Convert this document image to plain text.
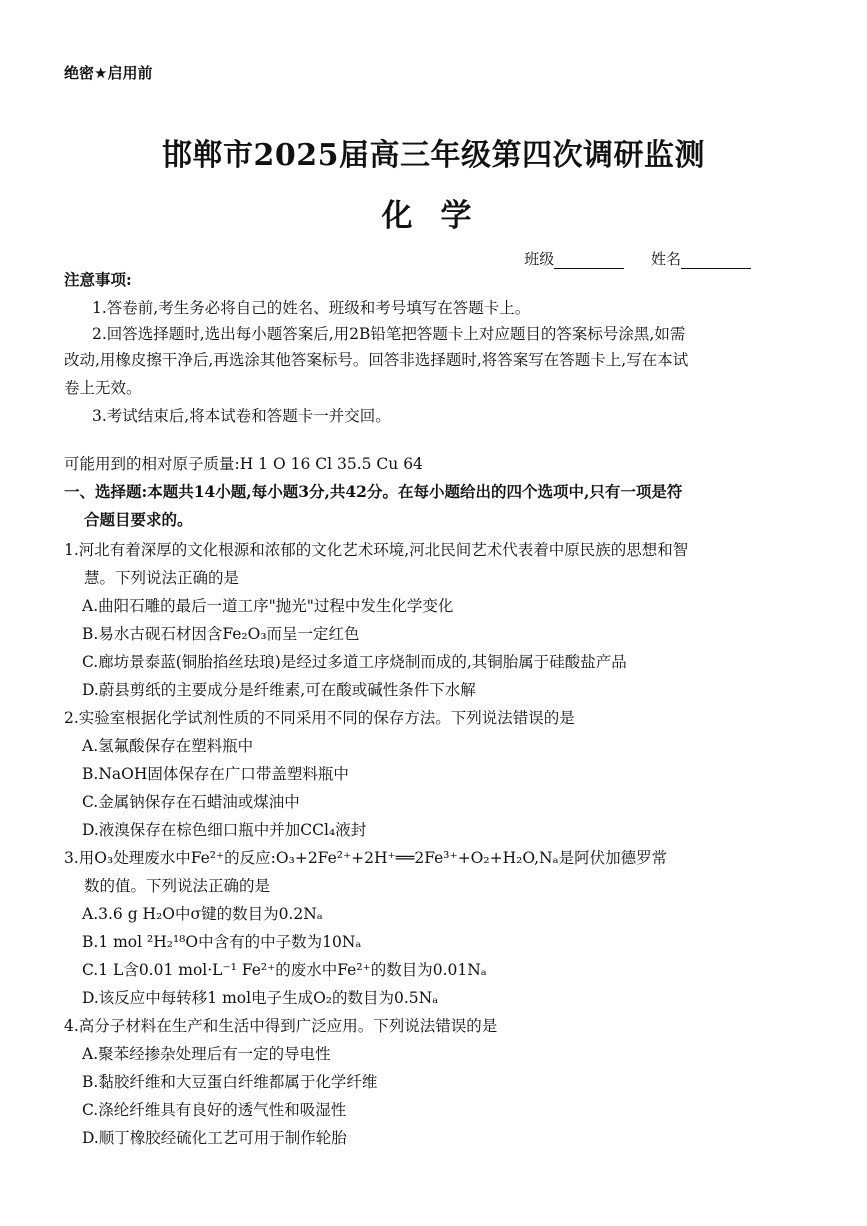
绝密★启用前
邯郸市2025届高三年级第四次调研监测
化学
班级	姓名
注意事项:
1.答卷前,考生务必将自己的姓名、班级和考号填写在答题卡上。
2.回答选择题时,选出每小题答案后,用2B铅笔把答题卡上对应题目的答案标号涂黑,如需
改动,用橡皮擦干净后,再选涂其他答案标号。回答非选择题时,将答案写在答题卡上,写在本试
卷上无效。
3.考试结束后,将本试卷和答题卡一并交回。
可能用到的相对原子质量:H 1 O 16 Cl 35.5 Cu 64
一、选择题:本题共14小题,每小题3分,共42分。在每小题给出的四个选项中,只有一项是符
合题目要求的。
1.河北有着深厚的文化根源和浓郁的文化艺术环境,河北民间艺术代表着中原民族的思想和智
慧。下列说法正确的是
A.曲阳石雕的最后一道工序"抛光"过程中发生化学变化
B.易水古砚石材因含Fe₂O₃而呈一定红色
C.廊坊景泰蓝(铜胎掐丝珐琅)是经过多道工序烧制而成的,其铜胎属于硅酸盐产品
D.蔚县剪纸的主要成分是纤维素,可在酸或碱性条件下水解
2.实验室根据化学试剂性质的不同采用不同的保存方法。下列说法错误的是
A.氢氟酸保存在塑料瓶中
B.NaOH固体保存在广口带盖塑料瓶中
C.金属钠保存在石蜡油或煤油中
D.液溴保存在棕色细口瓶中并加CCl₄液封
3.用O₃处理废水中Fe²⁺的反应:O₃+2Fe²⁺+2H⁺══2Fe³⁺+O₂+H₂O,Nₐ是阿伏加德罗常
数的值。下列说法正确的是
A.3.6 g H₂O中σ键的数目为0.2Nₐ
B.1 mol ²H₂¹⁸O中含有的中子数为10Nₐ
C.1 L含0.01 mol·L⁻¹ Fe²⁺的废水中Fe²⁺的数目为0.01Nₐ
D.该反应中每转移1 mol电子生成O₂的数目为0.5Nₐ
4.高分子材料在生产和生活中得到广泛应用。下列说法错误的是
A.聚苯经掺杂处理后有一定的导电性
B.黏胶纤维和大豆蛋白纤维都属于化学纤维
C.涤纶纤维具有良好的透气性和吸湿性
D.顺丁橡胶经硫化工艺可用于制作轮胎
